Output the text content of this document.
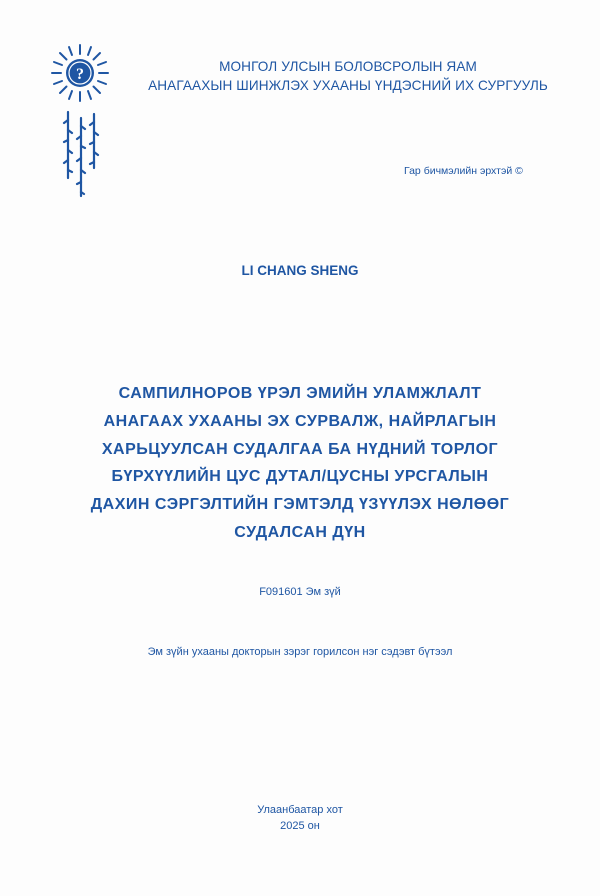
?	МОНГОЛ УЛСЫН БОЛОВСРОЛЫН ЯАМ
АНАГААХЫН ШИНЖЛЭХ УХААНЫ ҮНДЭСНИЙ ИХ СУРГУУЛЬ
Гар бичмэлийн эрхтэй ©
LI CHANG SHENG
САМПИЛНОРОВ ҮРЭЛ ЭМИЙН УЛАМЖЛАЛТ
АНАГААХ УХААНЫ ЭХ СУРВАЛЖ, НАЙРЛАГЫН
ХАРЬЦУУЛСАН СУДАЛГАА БА НҮДНИЙ ТОРЛОГ
БҮРХҮҮЛИЙН ЦУС ДУТАЛ/ЦУСНЫ УРСГАЛЫН
ДАХИН СЭРГЭЛТИЙН ГЭМТЭЛД ҮЗҮҮЛЭХ НӨЛӨӨГ
СУДАЛСАН ДҮН
F091601 Эм зүй
Эм зүйн ухааны докторын зэрэг горилсон нэг сэдэвт бүтээл
Улаанбаатар хот
2025 он
